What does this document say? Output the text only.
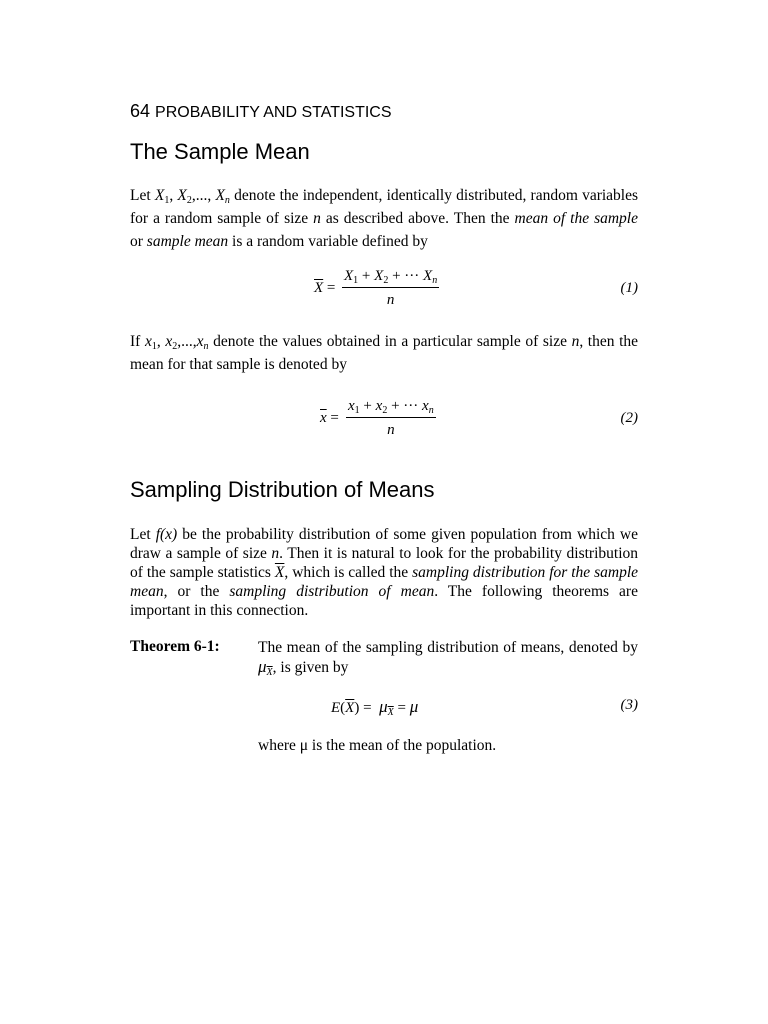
64 PROBABILITY AND STATISTICS
The Sample Mean
Let $X_1$, $X_2$,..., $X_n$ denote the independent, identically distributed, random variables for a random sample of size n as described above. Then the mean of the sample or sample mean is a random variable defined by
$\overline{X} = \frac{X_1 + X_2 + \cdot\cdot\cdot X_n}{n}$	(1)
If $x_1$, $x_2,...,x_n$ denote the values obtained in a particular sample of size n, then the mean for that sample is denoted by
$\overline{x} = \frac{x_1 + x_2 + \cdot\cdot\cdot x_n}{n}$	(2)
Sampling Distribution of Means
Let f(x) be the probability distribution of some given population from which we draw a sample of size n. Then it is natural to look for the probability distribution of the sample statistics $\overline{X}$, which is called the sampling distribution for the sample mean, or the sampling distribution of mean. The following theorems are important in this connection.
Theorem 6-1: The mean of the sampling distribution of means, denoted by $\mu_{\overline{X}}$, is given by
$E(\overline{X}) = \mu_{\overline{X}} = \mu$	(3)
where μ is the mean of the population.
